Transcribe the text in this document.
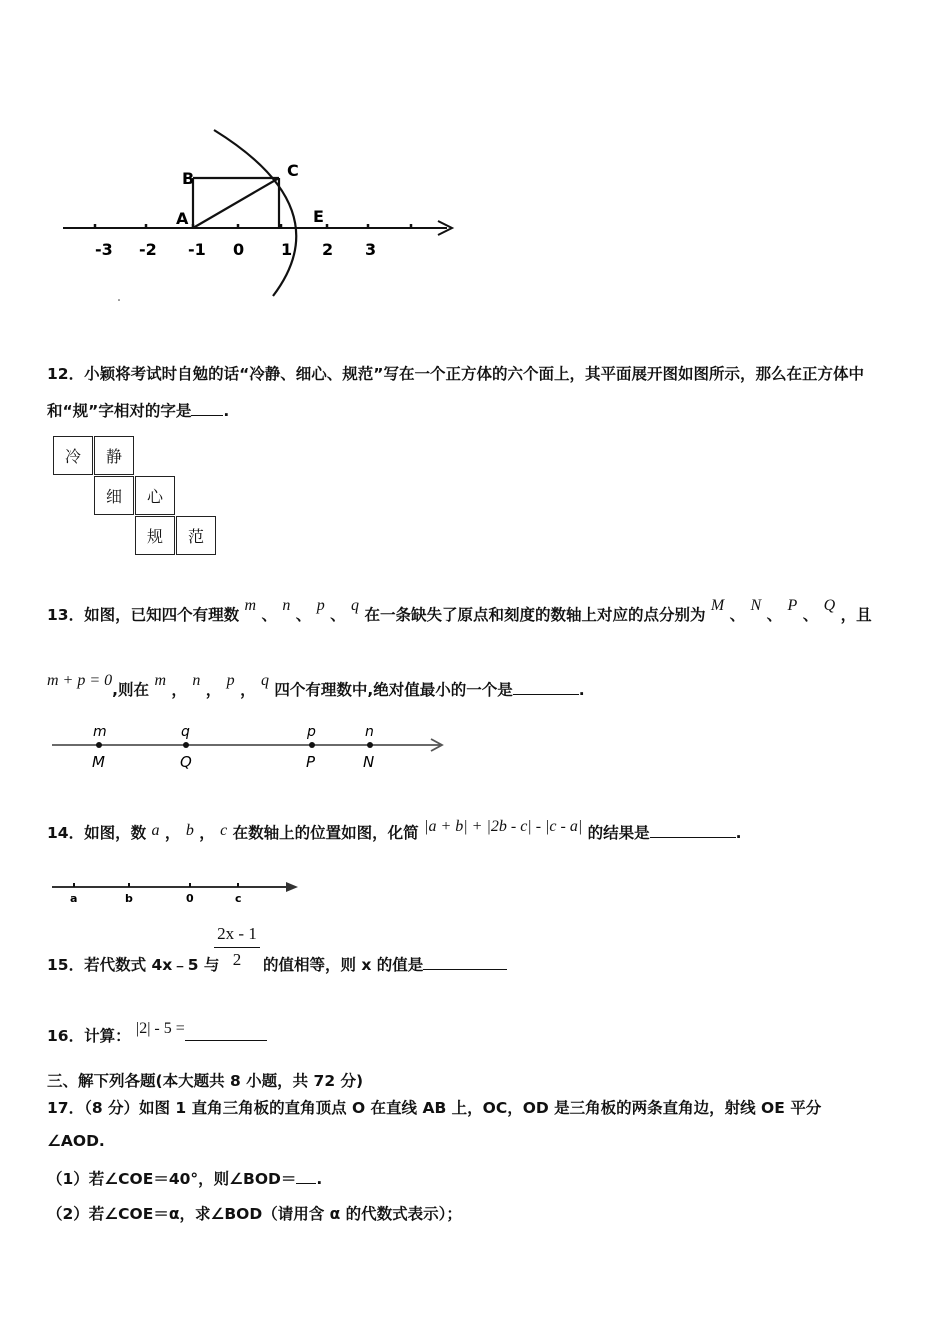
-3 -2 -1 0 1 2 3
A
B	C
E
12．小颖将考试时自勉的话“冷静、细心、规范”写在一个正方体的六个面上，其平面展开图如图所示，那么在正方体中
和“规”字相对的字是 .
冷	静
细	心
规	范
13．如图，已知四个有理数 m 、 n 、 p 、 q 在一条缺失了原点和刻度的数轴上对应的点分别为 M 、 N 、 P 、 Q ，且
m + p = 0,则在 m ， n ， p ， q 四个有理数中,绝对值最小的一个是	.
m	q	p	n
M	Q	P	N
14．如图，数 a ， b ， c 在数轴上的位置如图，化简 |a + b| + |2b - c| - |c - a| 的结果是	.
a	b	0	c
15．若代数式 4x﹣5 与
$\frac{2x - 1}{2}$ 的值相等，则 x 的值是
16．计算： |2| - 5 =
三、解下列各题(本大题共 8 小题，共 72 分)
17．（8 分）如图 1 直角三角板的直角顶点 O 在直线 AB 上，OC，OD 是三角板的两条直角边，射线 OE 平分
∠AOD.
（1）若∠COE＝40°，则∠BOD＝ .
（2）若∠COE＝α，求∠BOD（请用含 α 的代数式表示）；
